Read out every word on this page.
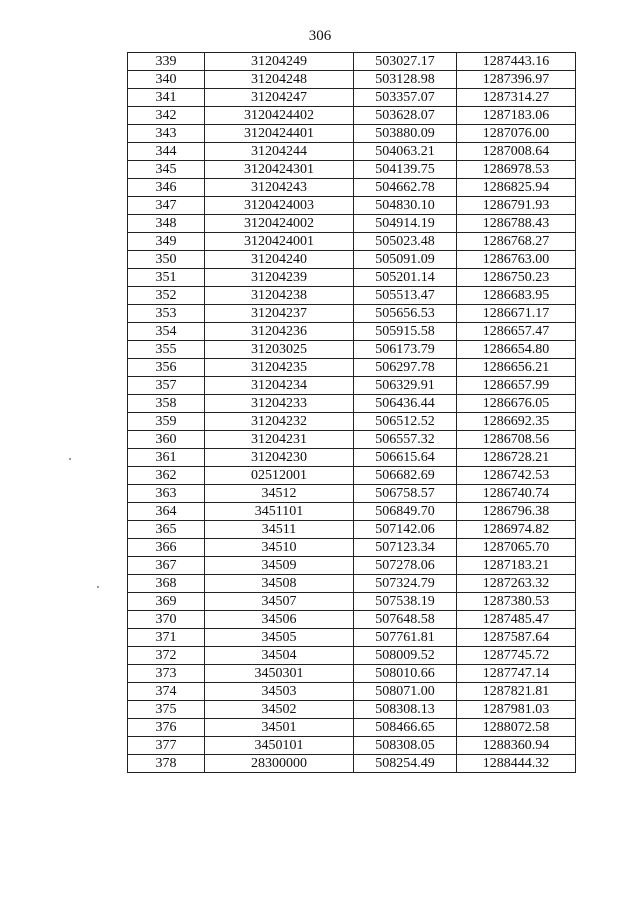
306
339	31204249	503027.17	1287443.16
340	31204248	503128.98	1287396.97
341	31204247	503357.07	1287314.27
342	3120424402	503628.07	1287183.06
343	3120424401	503880.09	1287076.00
344	31204244	504063.21	1287008.64
345	3120424301	504139.75	1286978.53
346	31204243	504662.78	1286825.94
347	3120424003	504830.10	1286791.93
348	3120424002	504914.19	1286788.43
349	3120424001	505023.48	1286768.27
350	31204240	505091.09	1286763.00
351	31204239	505201.14	1286750.23
352	31204238	505513.47	1286683.95
353	31204237	505656.53	1286671.17
354	31204236	505915.58	1286657.47
355	31203025	506173.79	1286654.80
356	31204235	506297.78	1286656.21
357	31204234	506329.91	1286657.99
358	31204233	506436.44	1286676.05
359	31204232	506512.52	1286692.35
360	31204231	506557.32	1286708.56
361	31204230	506615.64	1286728.21
362	02512001	506682.69	1286742.53
363	34512	506758.57	1286740.74
364	3451101	506849.70	1286796.38
365	34511	507142.06	1286974.82
366	34510	507123.34	1287065.70
367	34509	507278.06	1287183.21
368	34508	507324.79	1287263.32
369	34507	507538.19	1287380.53
370	34506	507648.58	1287485.47
371	34505	507761.81	1287587.64
372	34504	508009.52	1287745.72
373	3450301	508010.66	1287747.14
374	34503	508071.00	1287821.81
375	34502	508308.13	1287981.03
376	34501	508466.65	1288072.58
377	3450101	508308.05	1288360.94
378	28300000	508254.49	1288444.32
